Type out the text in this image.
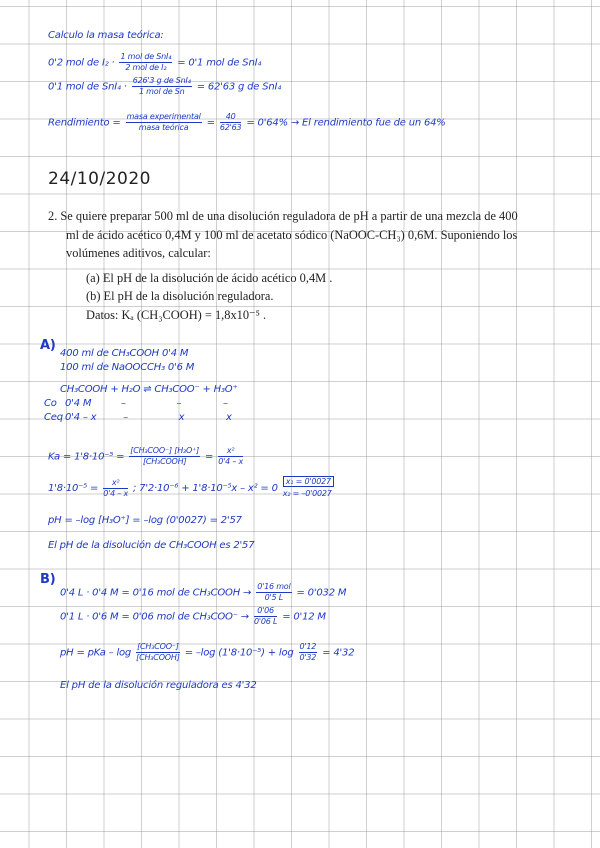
Calculo la masa teórica:
0'2 mol de $I_2 \cdot \frac{\text{1 mol de SnI₄}}{\text{2 mol de I₂}} = 0'1$ mol de SnI₄
0'1 mol de $SnI_4 \cdot \frac{\text{626'3 g de SnI₄}}{\text{1 mol de Sn}} = 62'63$ g de SnI₄
Rendimiento = $\frac{\text{masa experimental}}{\text{masa teórica}} = \frac{40}{62'63} = 0'64\% \to El$ rendimiento fue de un 64%
24/10/2020
2. Se quiere preparar 500 ml de una disolución reguladora de pH a partir de una mezcla de 400
ml de ácido acético 0,4M y 100 ml de acetato sódico (NaOOC-CH₃) 0,6M. Suponiendo los
volúmenes aditivos, calcular:
(a) El pH de la disolución de ácido acético 0,4M .
(b) El pH de la disolución reguladora.
Datos: Kₐ (CH₃COOH) = 1,8x10⁻⁵ .
A)
400 ml de CH₃COOH 0'4 M
100 ml de NaOOCCH₃ 0'6 M
CH₃COOH + H₂O ⇌ CH₃COO⁻ + H₃O⁺
Co 0'4 M          –                 –              –
Ceq 0'4 – x         –                 x              x
$Ka = 1'8\cdot 10^{-5} = \frac{\text{[CH₃COO⁻] [H₃O⁺]}}{\text{[CH₃COOH]}} = \frac{\text{x²}}{0'4 - x}$
$1'8\cdot 10^{-5} = \frac{\text{x²}}{0'4 - x}$ ; 7'2·10⁻⁶ + 1'8·10⁻⁵x – x² = 0
x₁ = 0'0027
x₂ = –0'0027
pH = –log [H₃O⁺] = –log (0'0027) = 2'57
El pH de la disolución de CH₃COOH es 2'57
B)
0'4 L · 0'4 M = 0'16 mol de CH₃COOH → $\frac{\text{0'16 mol}}{0'5 L} = 0'032$ M
0'1 L · 0'6 M = 0'06 mol de $CH_3COO^- \to \frac{0'06}{0'06 L} = 0'12$ M
pH = pKa – $\log \frac{\text{[CH₃COO⁻]}}{\text{[CH₃COOH]}} = -\log$ $(1'8\cdot 10^{-5}) + \log \frac{0'12}{0'32} = 4'32$
El pH de la disolución reguladora es 4'32
